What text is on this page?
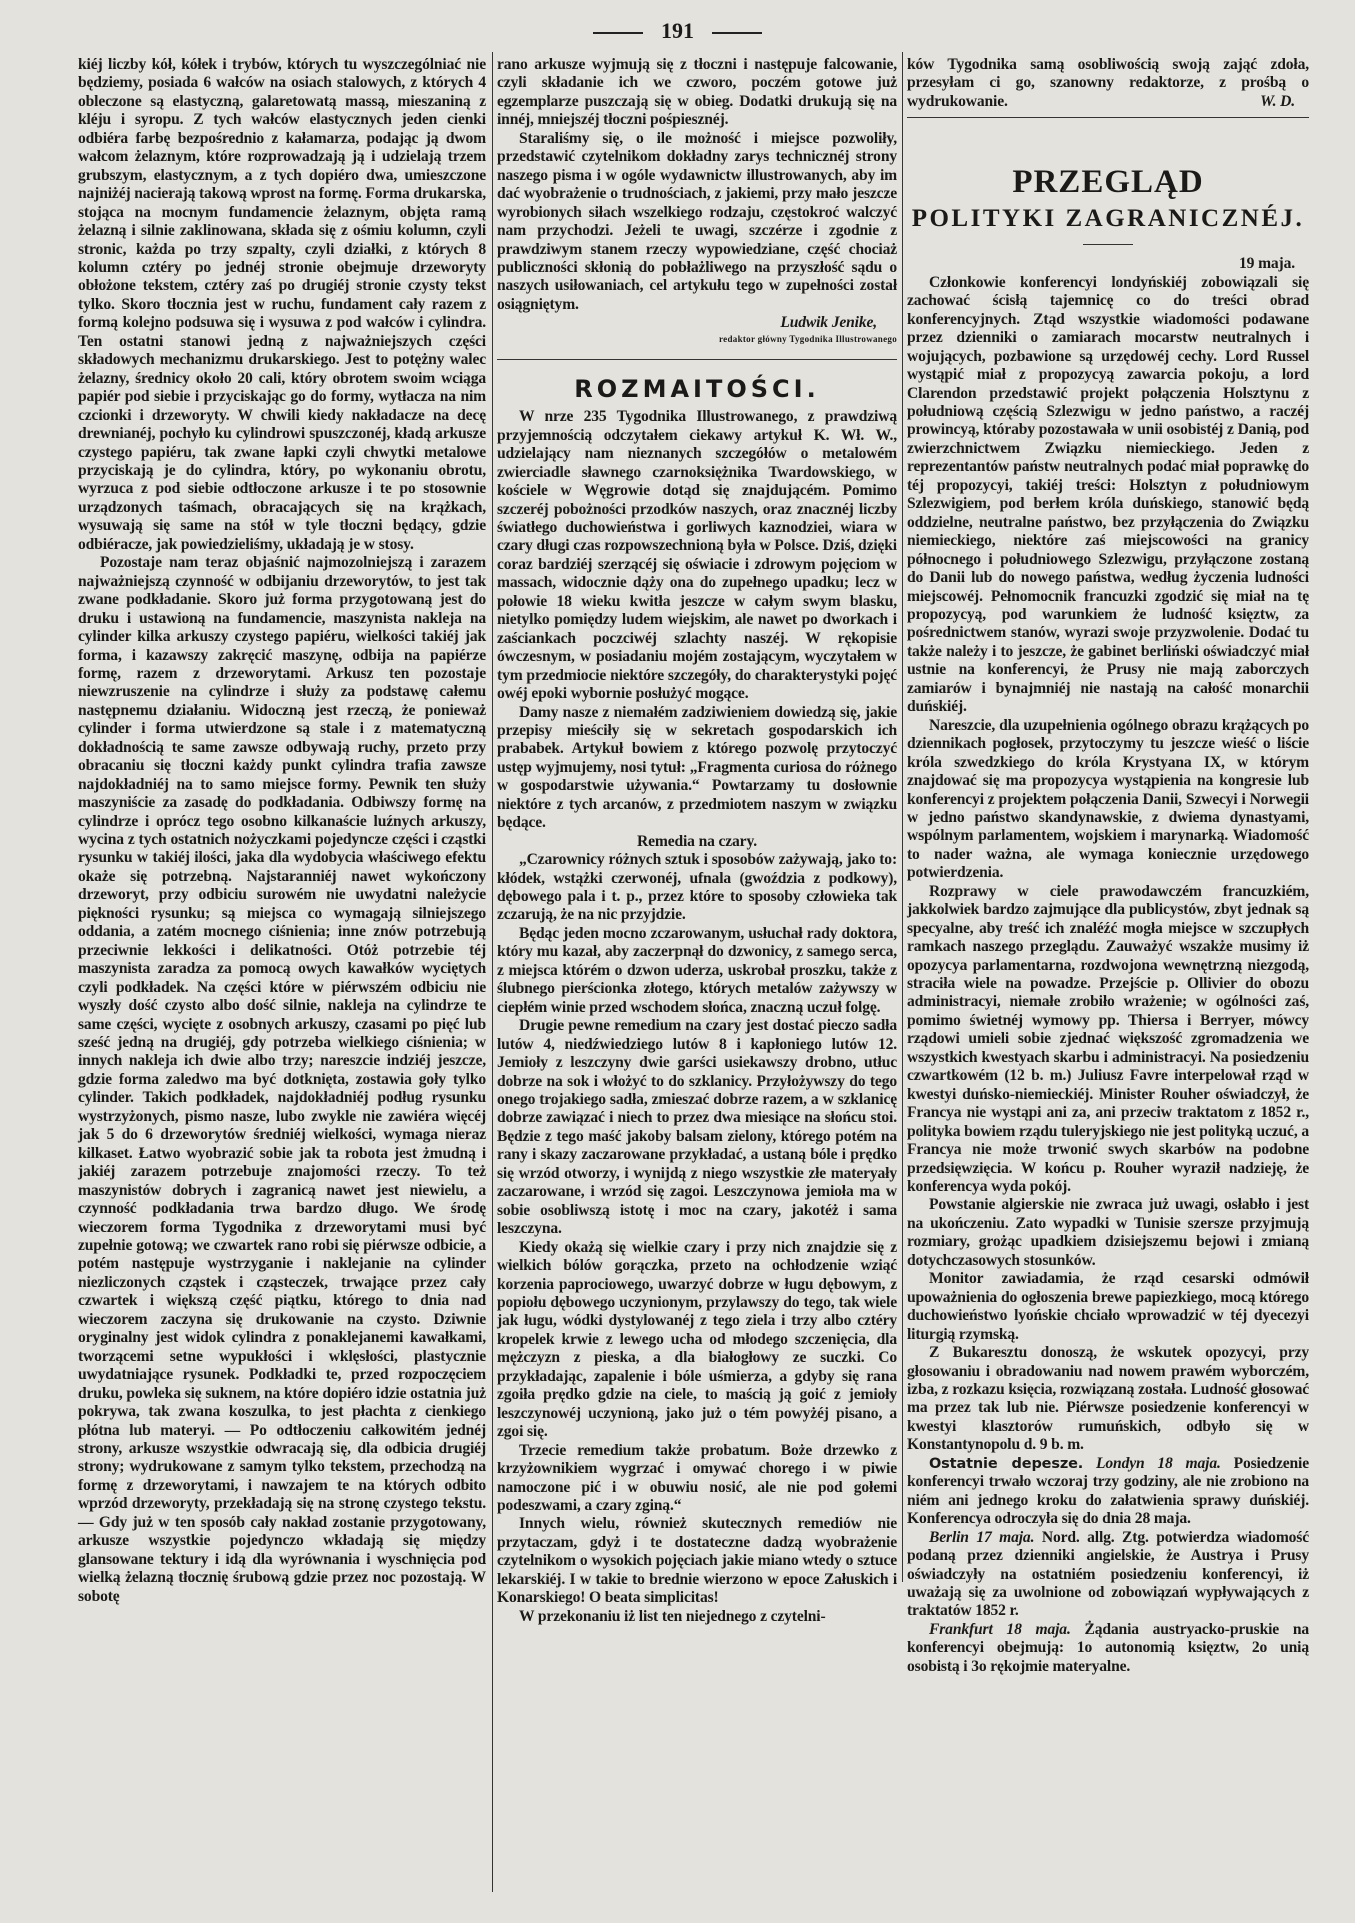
191

kiéj liczby kół, kółek i trybów, których tu wyszczególniać nie będziemy, posiada 6 wałców na osiach stalowych, z których 4 obleczone są elastyczną, galaretowatą massą, mieszaniną z kléju i syropu. Z tych wałców elastycznych jeden cienki odbiéra farbę bezpośrednio z kałamarza, podając ją dwom wałcom żelaznym, które rozprowadzają ją i udzielają trzem grubszym, elastycznym, a z tych dopiéro dwa, umieszczone najniżéj nacierają takową wprost na formę. Forma drukarska, stojąca na mocnym fundamencie żelaznym, objęta ramą żelazną i silnie zaklinowana, składa się z ośmiu kolumn, czyli stronic, każda po trzy szpalty, czyli działki, z których 8 kolumn cztéry po jednéj stronie obejmuje drzeworyty obłożone tekstem, cztéry zaś po drugiéj stronie czysty tekst tylko. Skoro tłocznia jest w ruchu, fundament cały razem z formą kolejno podsuwa się i wysuwa z pod wałców i cylindra. Ten ostatni stanowi jedną z najważniejszych części składowych mechanizmu drukarskiego. Jest to potężny walec żelazny, średnicy około 20 cali, który obrotem swoim wciąga papiér pod siebie i przyciskając go do formy, wytłacza na nim czcionki i drzeworyty. W chwili kiedy nakładacze na decę drewnianéj, pochyło ku cylindrowi spuszczonéj, kładą arkusze czystego papiéru, tak zwane łapki czyli chwytki metalowe przyciskają je do cylindra, który, po wykonaniu obrotu, wyrzuca z pod siebie odtłoczone arkusze i te po stosownie urządzonych taśmach, obracających się na krążkach, wysuwają się same na stół w tyle tłoczni będący, gdzie odbiéracze, jak powiedzieliśmy, układają je w stosy.

Pozostaje nam teraz objaśnić najmozolniejszą i zarazem najważniejszą czynność w odbijaniu drzeworytów, to jest tak zwane podkładanie. Skoro już forma przygotowaną jest do druku i ustawioną na fundamencie, maszynista nakleja na cylinder kilka arkuszy czystego papiéru, wielkości takiéj jak forma, i kazawszy zakręcić maszynę, odbija na papiérze formę, razem z drzeworytami. Arkusz ten pozostaje niewzruszenie na cylindrze i służy za podstawę całemu następnemu działaniu. Widoczną jest rzeczą, że ponieważ cylinder i forma utwierdzone są stale i z matematyczną dokładnością te same zawsze odbywają ruchy, przeto przy obracaniu się tłoczni każdy punkt cylindra trafia zawsze najdokładniéj na to samo miejsce formy. Pewnik ten służy maszyniście za zasadę do podkładania. Odbiwszy formę na cylindrze i oprócz tego osobno kilkanaście luźnych arkuszy, wycina z tych ostatnich nożyczkami pojedyncze części i cząstki rysunku w takiéj ilości, jaka dla wydobycia właściwego efektu okaże się potrzebną. Najstaranniéj nawet wykończony drzeworyt, przy odbiciu surowém nie uwydatni należycie piękności rysunku; są miejsca co wymagają silniejszego oddania, a zatém mocnego ciśnienia; inne znów potrzebują przeciwnie lekkości i delikatności. Otóż potrzebie téj maszynista zaradza za pomocą owych kawałków wyciętych czyli podkładek. Na części które w piérwszém odbiciu nie wyszły dość czysto albo dość silnie, nakleja na cylindrze te same części, wycięte z osobnych arkuszy, czasami po pięć lub sześć jedną na drugiéj, gdy potrzeba wielkiego ciśnienia; w innych nakleja ich dwie albo trzy; nareszcie indziéj jeszcze, gdzie forma zaledwo ma być dotknięta, zostawia goły tylko cylinder. Takich podkładek, najdokładniéj podług rysunku wystrzyżonych, pismo nasze, lubo zwykle nie zawiéra więcéj jak 5 do 6 drzeworytów średniéj wielkości, wymaga nieraz kilkaset. Łatwo wyobrazić sobie jak ta robota jest żmudną i jakiéj zarazem potrzebuje znajomości rzeczy. To też maszynistów dobrych i zagranicą nawet jest niewielu, a czynność podkładania trwa bardzo długo. We środę wieczorem forma Tygodnika z drzeworytami musi być zupełnie gotową; we czwartek rano robi się piérwsze odbicie, a potém następuje wystrzyganie i naklejanie na cylinder niezliczonych cząstek i cząsteczek, trwające przez cały czwartek i większą część piątku, którego to dnia nad wieczorem zaczyna się drukowanie na czysto. Dziwnie oryginalny jest widok cylindra z ponaklejanemi kawałkami, tworzącemi setne wypukłości i wklęsłości, plastycznie uwydatniające rysunek. Podkładki te, przed rozpoczęciem druku, powleka się suknem, na które dopiéro idzie ostatnia już pokrywa, tak zwana koszulka, to jest płachta z cienkiego płótna lub materyi. — Po odtłoczeniu całkowitém jednéj strony, arkusze wszystkie odwracają się, dla odbicia drugiéj strony; wydrukowane z samym tylko tekstem, przechodzą na formę z drzeworytami, i nawzajem te na których odbito wprzód drzeworyty, przekładają się na stronę czystego tekstu. — Gdy już w ten sposób cały nakład zostanie przygotowany, arkusze wszystkie pojedynczo wkładają się między glansowane tektury i idą dla wyrównania i wyschnięcia pod wielką żelazną tłocznię śrubową gdzie przez noc pozostają. W sobotę

rano arkusze wyjmują się z tłoczni i następuje falcowanie, czyli składanie ich we czworo, poczém gotowe już egzemplarze puszczają się w obieg. Dodatki drukują się na innéj, mniejszéj tłoczni pośpiesznéj.

Staraliśmy się, o ile możność i miejsce pozwoliły, przedstawić czytelnikom dokładny zarys technicznéj strony naszego pisma i w ogóle wydawnictw illustrowanych, aby im dać wyobrażenie o trudnościach, z jakiemi, przy mało jeszcze wyrobionych siłach wszelkiego rodzaju, częstokroć walczyć nam przychodzi. Jeżeli te uwagi, szczérze i zgodnie z prawdziwym stanem rzeczy wypowiedziane, część chociaż publiczności skłonią do pobłażliwego na przyszłość sądu o naszych usiłowaniach, cel artykułu tego w zupełności został osiągniętym.

Ludwik Jenike,
redaktor główny Tygodnika Illustrowanego
ROZMAITOŚCI.

W nrze 235 Tygodnika Illustrowanego, z prawdziwą przyjemnością odczytałem ciekawy artykuł K. Wł. W., udzielający nam nieznanych szczegółów o metalowém zwierciadle sławnego czarnoksiężnika Twardowskiego, w kościele w Węgrowie dotąd się znajdującém. Pomimo szczeréj pobożności przodków naszych, oraz znacznéj liczby światłego duchowieństwa i gorliwych kaznodziei, wiara w czary długi czas rozpowszechnioną była w Polsce. Dziś, dzięki coraz bardziéj szerzącéj się oświacie i zdrowym pojęciom w massach, widocznie dąży ona do zupełnego upadku; lecz w połowie 18 wieku kwitła jeszcze w całym swym blasku, nietylko pomiędzy ludem wiejskim, ale nawet po dworkach i zaściankach poczciwéj szlachty naszéj. W rękopisie ówczesnym, w posiadaniu mojém zostającym, wyczytałem w tym przedmiocie niektóre szczegóły, do charakterystyki pojęć owéj epoki wybornie posłużyć mogące.

Damy nasze z niemałém zadziwieniem dowiedzą się, jakie przepisy mieściły się w sekretach gospodarskich ich prababek. Artykuł bowiem z którego pozwolę przytoczyć ustęp wyjmujemy, nosi tytuł: „Fragmenta curiosa do różnego w gospodarstwie używania.“ Powtarzamy tu dosłownie niektóre z tych arcanów, z przedmiotem naszym w związku będące.

Remedia na czary.

„Czarownicy różnych sztuk i sposobów zażywają, jako to: kłódek, wstążki czerwonéj, ufnala (gwoździa z podkowy), dębowego pala i t. p., przez które to sposoby człowieka tak zczarują, że na nic przyjdzie.

Będąc jeden mocno zczarowanym, usłuchał rady doktora, który mu kazał, aby zaczerpnął do dzwonicy, z samego serca, z miejsca którém o dzwon uderza, uskrobał proszku, także z ślubnego pierścionka złotego, których metalów zażywszy w ciepłém winie przed wschodem słońca, znaczną uczuł folgę.

Drugie pewne remedium na czary jest dostać pieczo sadła lutów 4, niedźwiedziego lutów 8 i kapłoniego lutów 12. Jemioły z leszczyny dwie garści usiekawszy drobno, utłuc dobrze na sok i włożyć to do szklanicy. Przyłożywszy do tego onego trojakiego sadła, zmieszać dobrze razem, a w szklanicę dobrze zawiązać i niech to przez dwa miesiące na słońcu stoi. Będzie z tego maść jakoby balsam zielony, którego potém na rany i skazy zaczarowane przykładać, a ustaną bóle i prędko się wrzód otworzy, i wynijdą z niego wszystkie złe materyały zaczarowane, i wrzód się zagoi. Leszczynowa jemioła ma w sobie osobliwszą istotę i moc na czary, jakotéż i sama leszczyna.

Kiedy okażą się wielkie czary i przy nich znajdzie się z wielkich bólów gorączka, przeto na ochłodzenie wziąć korzenia paprociowego, uwarzyć dobrze w ługu dębowym, z popiołu dębowego uczynionym, przylawszy do tego, tak wiele jak ługu, wódki dystylowanéj z tego ziela i trzy albo cztéry kropelek krwie z lewego ucha od młodego szczenięcia, dla mężczyzn z pieska, a dla białogłowy ze suczki. Co przykładając, zapalenie i bóle uśmierza, a gdyby się rana zgoiła prędko gdzie na ciele, to maścią ją goić z jemioły leszczynowéj uczynioną, jako już o tém powyżéj pisano, a zgoi się.

Trzecie remedium także probatum. Boże drzewko z krzyżownikiem wygrzać i omywać chorego i w piwie namoczone pić i w obuwiu nosić, ale nie pod gołemi podeszwami, a czary zginą.“

Innych wielu, również skutecznych remediów nie przytaczam, gdyż i te dostateczne dadzą wyobrażenie czytelnikom o wysokich pojęciach jakie miano wtedy o sztuce lekarskiéj. I w takie to brednie wierzono w epoce Załuskich i Konarskiego! O beata simplicitas!

W przekonaniu iż list ten niejednego z czytelni-

ków Tygodnika samą osobliwością swoją zająć zdoła, przesyłam ci go, szanowny redaktorze, z prośbą o wydrukowanie.	W. D.

PRZEGLĄD
POLITYKI ZAGRANICZNÉJ.
19 maja.

Członkowie konferencyi londyńskiéj zobowiązali się zachować ścisłą tajemnicę co do treści obrad konferencyjnych. Ztąd wszystkie wiadomości podawane przez dzienniki o zamiarach mocarstw neutralnych i wojujących, pozbawione są urzędowéj cechy. Lord Russel wystąpić miał z propozycyą zawarcia pokoju, a lord Clarendon przedstawić projekt połączenia Holsztynu z południową częścią Szlezwigu w jedno państwo, a raczéj prowincyą, któraby pozostawała w unii osobistéj z Danią, pod zwierzchnictwem Związku niemieckiego. Jeden z reprezentantów państw neutralnych podać miał poprawkę do téj propozycyi, takiéj treści: Holsztyn z południowym Szlezwigiem, pod berłem króla duńskiego, stanowić będą oddzielne, neutralne państwo, bez przyłączenia do Związku niemieckiego, niektóre zaś miejscowości na granicy północnego i południowego Szlezwigu, przyłączone zostaną do Danii lub do nowego państwa, według życzenia ludności miejscowéj. Pełnomocnik francuzki zgodzić się miał na tę propozycyą, pod warunkiem że ludność księztw, za pośrednictwem stanów, wyrazi swoje przyzwolenie. Dodać tu także należy i to jeszcze, że gabinet berliński oświadczyć miał ustnie na konferencyi, że Prusy nie mają zaborczych zamiarów i bynajmniéj nie nastają na całość monarchii duńskiéj.

Nareszcie, dla uzupełnienia ogólnego obrazu krążących po dziennikach pogłosek, przytoczymy tu jeszcze wieść o liście króla szwedzkiego do króla Krystyana IX, w którym znajdować się ma propozycya wystąpienia na kongresie lub konferencyi z projektem połączenia Danii, Szwecyi i Norwegii w jedno państwo skandynawskie, z dwiema dynastyami, wspólnym parlamentem, wojskiem i marynarką. Wiadomość to nader ważna, ale wymaga koniecznie urzędowego potwierdzenia.

Rozprawy w ciele prawodawczém francuzkiém, jakkolwiek bardzo zajmujące dla publicystów, zbyt jednak są specyalne, aby treść ich znaléźć mogła miejsce w szczupłych ramkach naszego przeglądu. Zauważyć wszakże musimy iż opozycya parlamentarna, rozdwojona wewnętrzną niezgodą, straciła wiele na powadze. Przejście p. Ollivier do obozu administracyi, niemałe zrobiło wrażenie; w ogólności zaś, pomimo świetnéj wymowy pp. Thiersa i Berryer, mówcy rządowi umieli sobie zjednać większość zgromadzenia we wszystkich kwestyach skarbu i administracyi. Na posiedzeniu czwartkowém (12 b. m.) Juliusz Favre interpelował rząd w kwestyi duńsko-niemieckiéj. Minister Rouher oświadczył, że Francya nie wystąpi ani za, ani przeciw traktatom z 1852 r., polityka bowiem rządu tuleryjskiego nie jest polityką uczuć, a Francya nie może trwonić swych skarbów na podobne przedsięwzięcia. W końcu p. Rouher wyraził nadzieję, że konferencya wyda pokój.

Powstanie algierskie nie zwraca już uwagi, osłabło i jest na ukończeniu. Zato wypadki w Tunisie szersze przyjmują rozmiary, grożąc upadkiem dzisiejszemu bejowi i zmianą dotychczasowych stosunków.

Monitor zawiadamia, że rząd cesarski odmówił upoważnienia do ogłoszenia brewe papiezkiego, mocą którego duchowieństwo lyońskie chciało wprowadzić w téj dyecezyi liturgią rzymską.

Z Bukaresztu donoszą, że wskutek opozycyi, przy głosowaniu i obradowaniu nad nowem prawém wyborczém, izba, z rozkazu księcia, rozwiązaną została. Ludność głosować ma przez tak lub nie. Piérwsze posiedzenie konferencyi w kwestyi klasztorów rumuńskich, odbyło się w Konstantynopolu d. 9 b. m.

Ostatnie depesze. Londyn 18 maja. Posiedzenie konferencyi trwało wczoraj trzy godziny, ale nie zrobiono na niém ani jednego kroku do załatwienia sprawy duńskiéj. Konferencya odroczyła się do dnia 28 maja.

Berlin 17 maja. Nord. allg. Ztg. potwierdza wiadomość podaną przez dzienniki angielskie, że Austrya i Prusy oświadczyły na ostatniém posiedzeniu konferencyi, iż uważają się za uwolnione od zobowiązań wypływających z traktatów 1852 r.

Frankfurt 18 maja. Żądania austryacko-pruskie na konferencyi obejmują: 1o autonomią księztw, 2o unią osobistą i 3o rękojmie materyalne.
